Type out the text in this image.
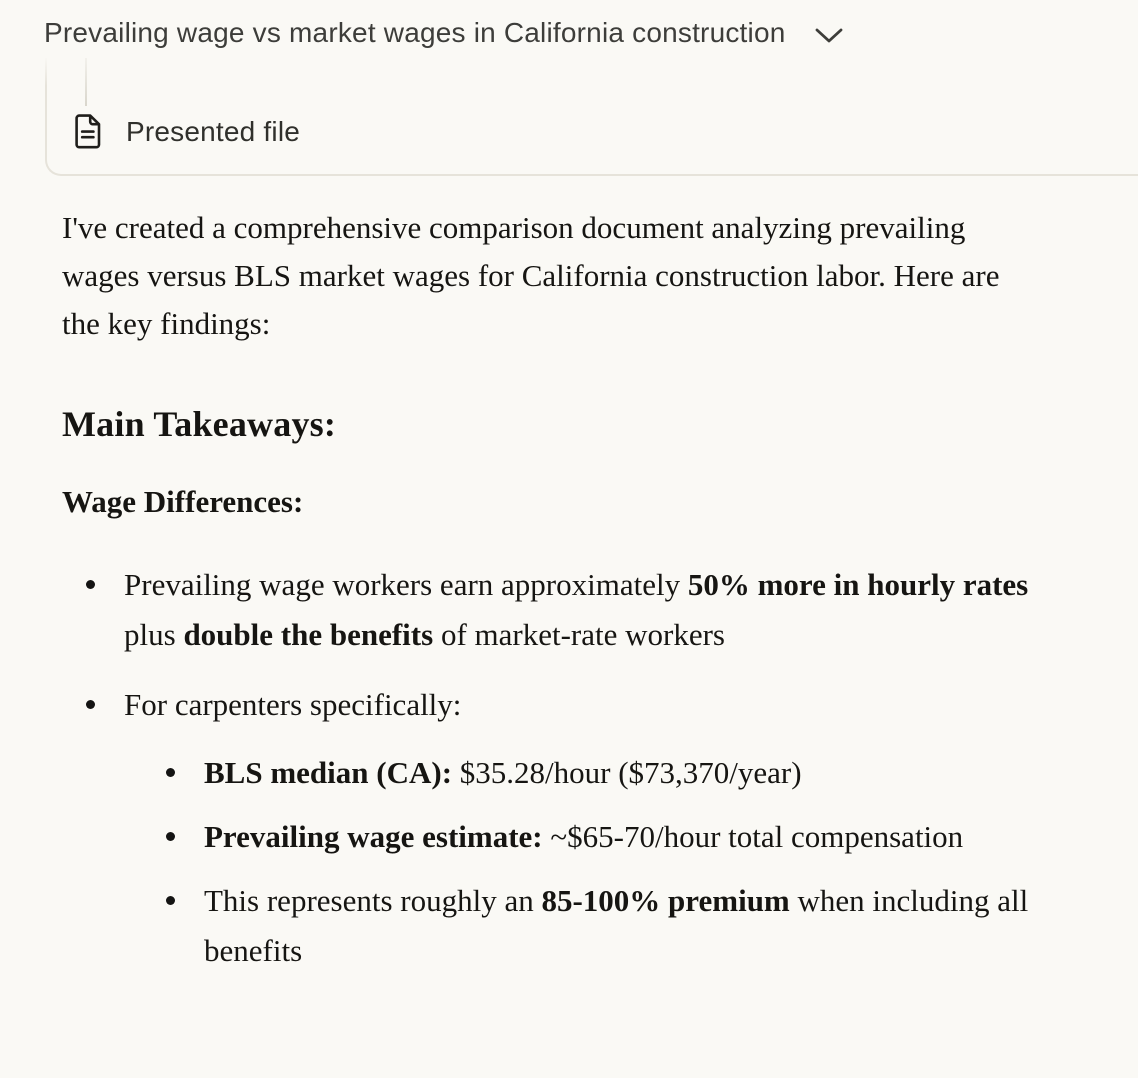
Prevailing wage vs market wages in California construction
Presented file

I've created a comprehensive comparison document analyzing prevailing wages versus BLS market wages for California construction labor. Here are the key findings:

Main Takeaways:
Wage Differences:
Prevailing wage workers earn approximately 50% more in hourly rates plus double the benefits of market-rate workers
For carpenters specifically:
BLS median (CA): $35.28/hour ($73,370/year)
Prevailing wage estimate: ~$65-70/hour total compensation
This represents roughly an 85-100% premium when including all benefits
